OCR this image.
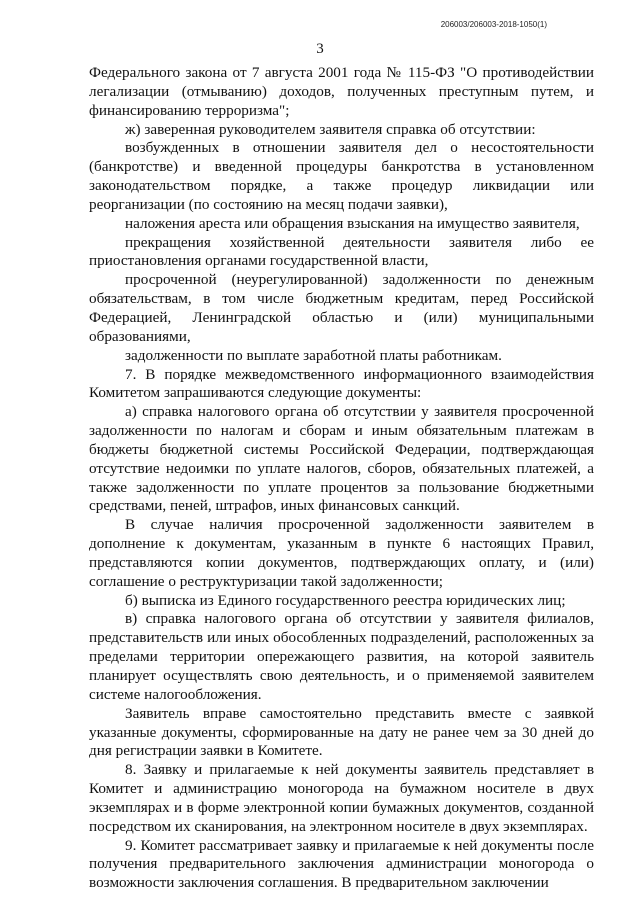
206003/206003-2018-1050(1)
3

Федерального закона от 7 августа 2001 года № 115-ФЗ "О противодействии легализации (отмыванию) доходов, полученных преступным путем, и финансированию терроризма";

ж) заверенная руководителем заявителя справка об отсутствии:

возбужденных в отношении заявителя дел о несостоятельности (банкротстве) и введенной процедуры банкротства в установленном законодательством порядке, а также процедур ликвидации или реорганизации (по состоянию на месяц подачи заявки),

наложения ареста или обращения взыскания на имущество заявителя,

прекращения хозяйственной деятельности заявителя либо ее приостановления органами государственной власти,

просроченной (неурегулированной) задолженности по денежным обязательствам, в том числе бюджетным кредитам, перед Российской Федерацией, Ленинградской областью и (или) муниципальными образованиями,

задолженности по выплате заработной платы работникам.

7. В порядке межведомственного информационного взаимодействия Комитетом запрашиваются следующие документы:

а) справка налогового органа об отсутствии у заявителя просроченной задолженности по налогам и сборам и иным обязательным платежам в бюджеты бюджетной системы Российской Федерации, подтверждающая отсутствие недоимки по уплате налогов, сборов, обязательных платежей, а также задолженности по уплате процентов за пользование бюджетными средствами, пеней, штрафов, иных финансовых санкций.

В случае наличия просроченной задолженности заявителем в дополнение к документам, указанным в пункте 6 настоящих Правил, представляются копии документов, подтверждающих оплату, и (или) соглашение о реструктуризации такой задолженности;

б) выписка из Единого государственного реестра юридических лиц;

в) справка налогового органа об отсутствии у заявителя филиалов, представительств или иных обособленных подразделений, расположенных за пределами территории опережающего развития, на которой заявитель планирует осуществлять свою деятельность, и о применяемой заявителем системе налогообложения.

Заявитель вправе самостоятельно представить вместе с заявкой указанные документы, сформированные на дату не ранее чем за 30 дней до дня регистрации заявки в Комитете.

8. Заявку и прилагаемые к ней документы заявитель представляет в Комитет и администрацию моногорода на бумажном носителе в двух экземплярах и в форме электронной копии бумажных документов, созданной посредством их сканирования, на электронном носителе в двух экземплярах.

9. Комитет рассматривает заявку и прилагаемые к ней документы после получения предварительного заключения администрации моногорода о возможности заключения соглашения. В предварительном заключении
